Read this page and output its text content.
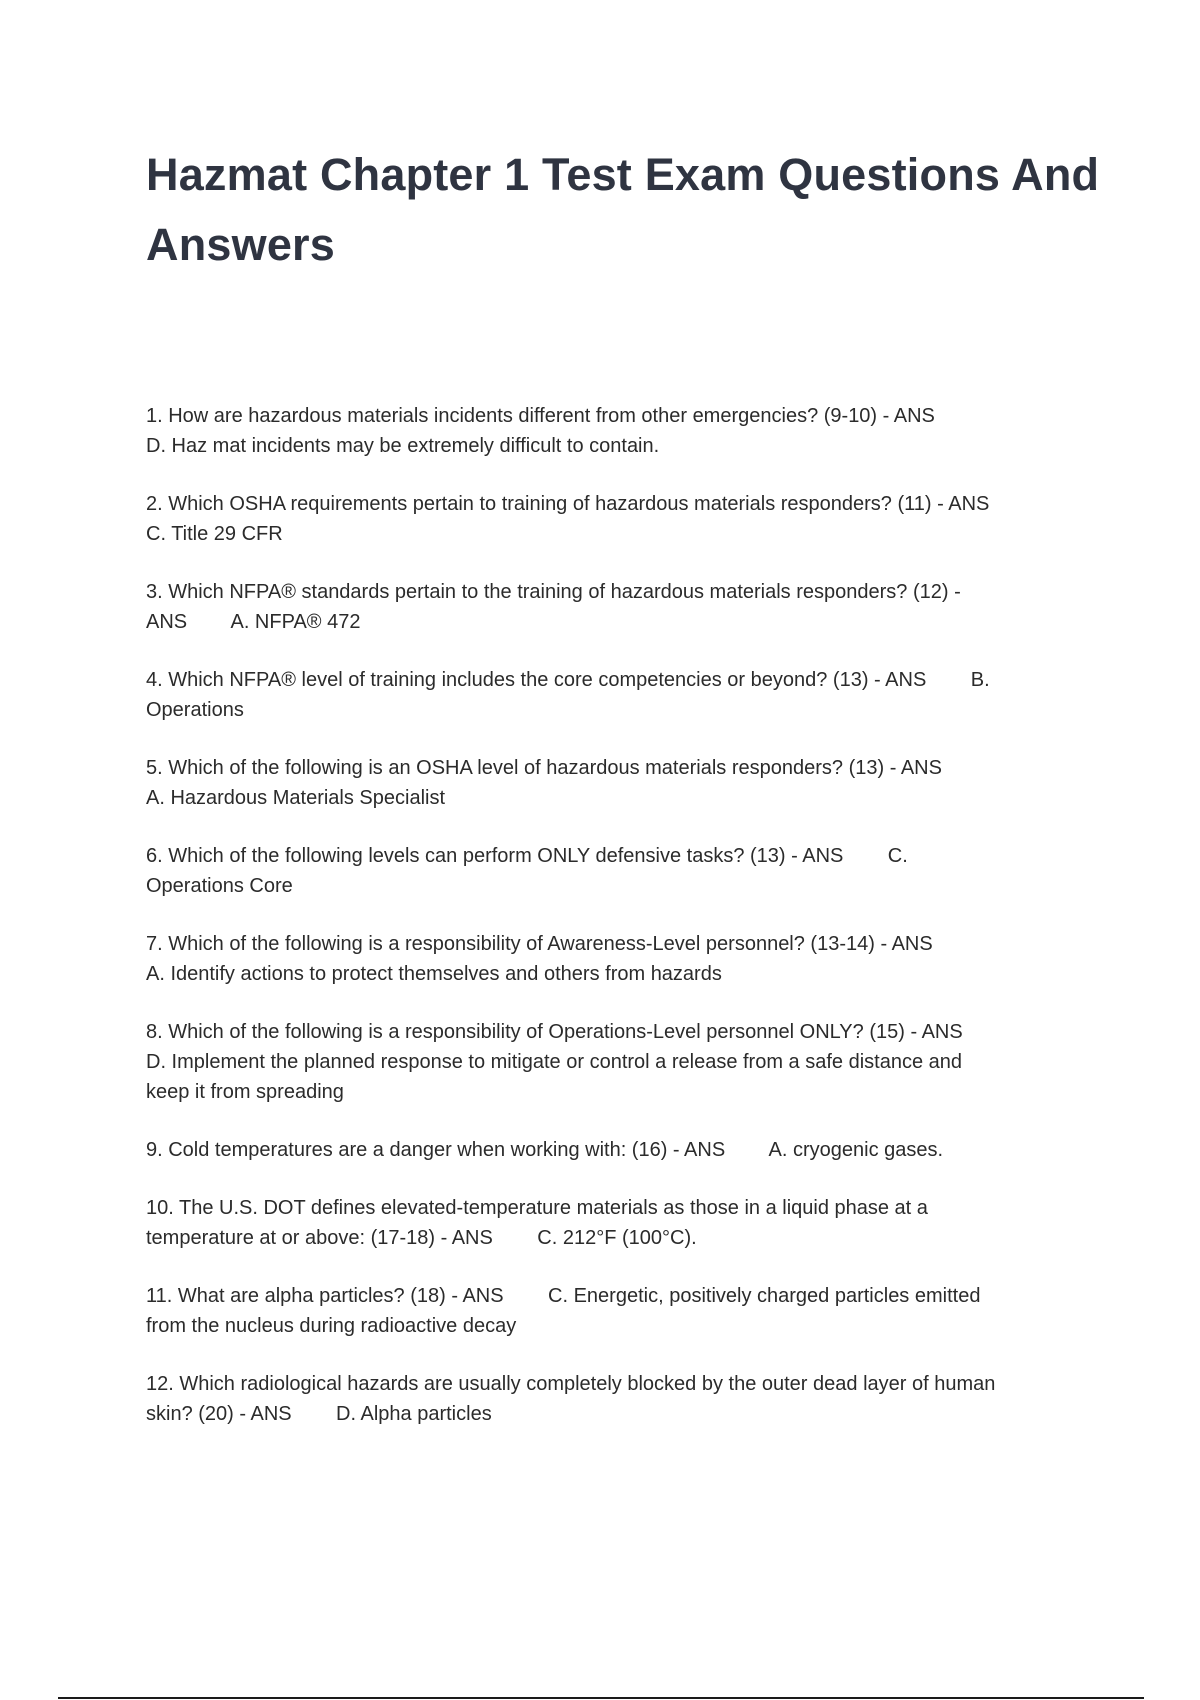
Hazmat Chapter 1 Test Exam Questions And Answers
1. How are hazardous materials incidents different from other emergencies? (9-10) - ANS
D. Haz mat incidents may be extremely difficult to contain.
2. Which OSHA requirements pertain to training of hazardous materials responders? (11) - ANS
C. Title 29 CFR
3. Which NFPA® standards pertain to the training of hazardous materials responders? (12) -
ANS        A. NFPA® 472
4. Which NFPA® level of training includes the core competencies or beyond? (13) - ANS        B.
Operations
5. Which of the following is an OSHA level of hazardous materials responders? (13) - ANS
A. Hazardous Materials Specialist
6. Which of the following levels can perform ONLY defensive tasks? (13) - ANS        C.
Operations Core
7. Which of the following is a responsibility of Awareness-Level personnel? (13-14) - ANS
A. Identify actions to protect themselves and others from hazards
8. Which of the following is a responsibility of Operations-Level personnel ONLY? (15) - ANS
D. Implement the planned response to mitigate or control a release from a safe distance and
keep it from spreading
9. Cold temperatures are a danger when working with: (16) - ANS        A. cryogenic gases.
10. The U.S. DOT defines elevated-temperature materials as those in a liquid phase at a
temperature at or above: (17-18) - ANS        C. 212°F (100°C).
11. What are alpha particles? (18) - ANS        C. Energetic, positively charged particles emitted
from the nucleus during radioactive decay
12. Which radiological hazards are usually completely blocked by the outer dead layer of human
skin? (20) - ANS        D. Alpha particles
